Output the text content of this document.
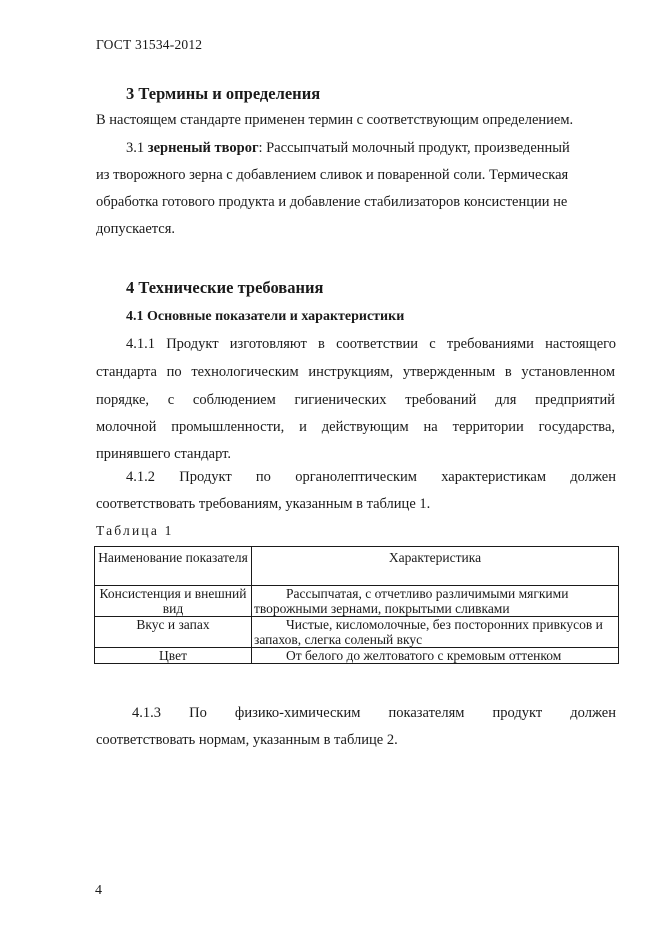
ГОСТ 31534-2012
3 Термины и определения
В настоящем стандарте применен термин с соответствующим определением.
3.1 зерненый творог: Рассыпчатый молочный продукт, произведенный
из творожного зерна с добавлением сливок и поваренной соли. Термическая
обработка готового продукта и добавление стабилизаторов консистенции не
допускается.
4 Технические требования
4.1 Основные показатели и характеристики
4.1.1 Продукт изготовляют в соответствии с требованиями настоящего
стандарта по технологическим инструкциям, утвержденным в установленном
порядке, с соблюдением гигиенических требований для предприятий
молочной промышленности, и действующим на территории государства,
принявшего стандарт.
4.1.2 Продукт по органолептическим характеристикам должен
соответствовать требованиям, указанным в таблице 1.
Таблица 1
Наименование показателя	Характеристика
Консистенция и внешний вид	Рассыпчатая, с отчетливо различимыми мягкими творожными зернами, покрытыми сливками
Вкус и запах	Чистые, кисломолочные, без посторонних привкусов и запахов, слегка соленый вкус
Цвет	От белого до желтоватого с кремовым оттенком
4.1.3 По физико-химическим показателям продукт должен
соответствовать нормам, указанным в таблице 2.
4
